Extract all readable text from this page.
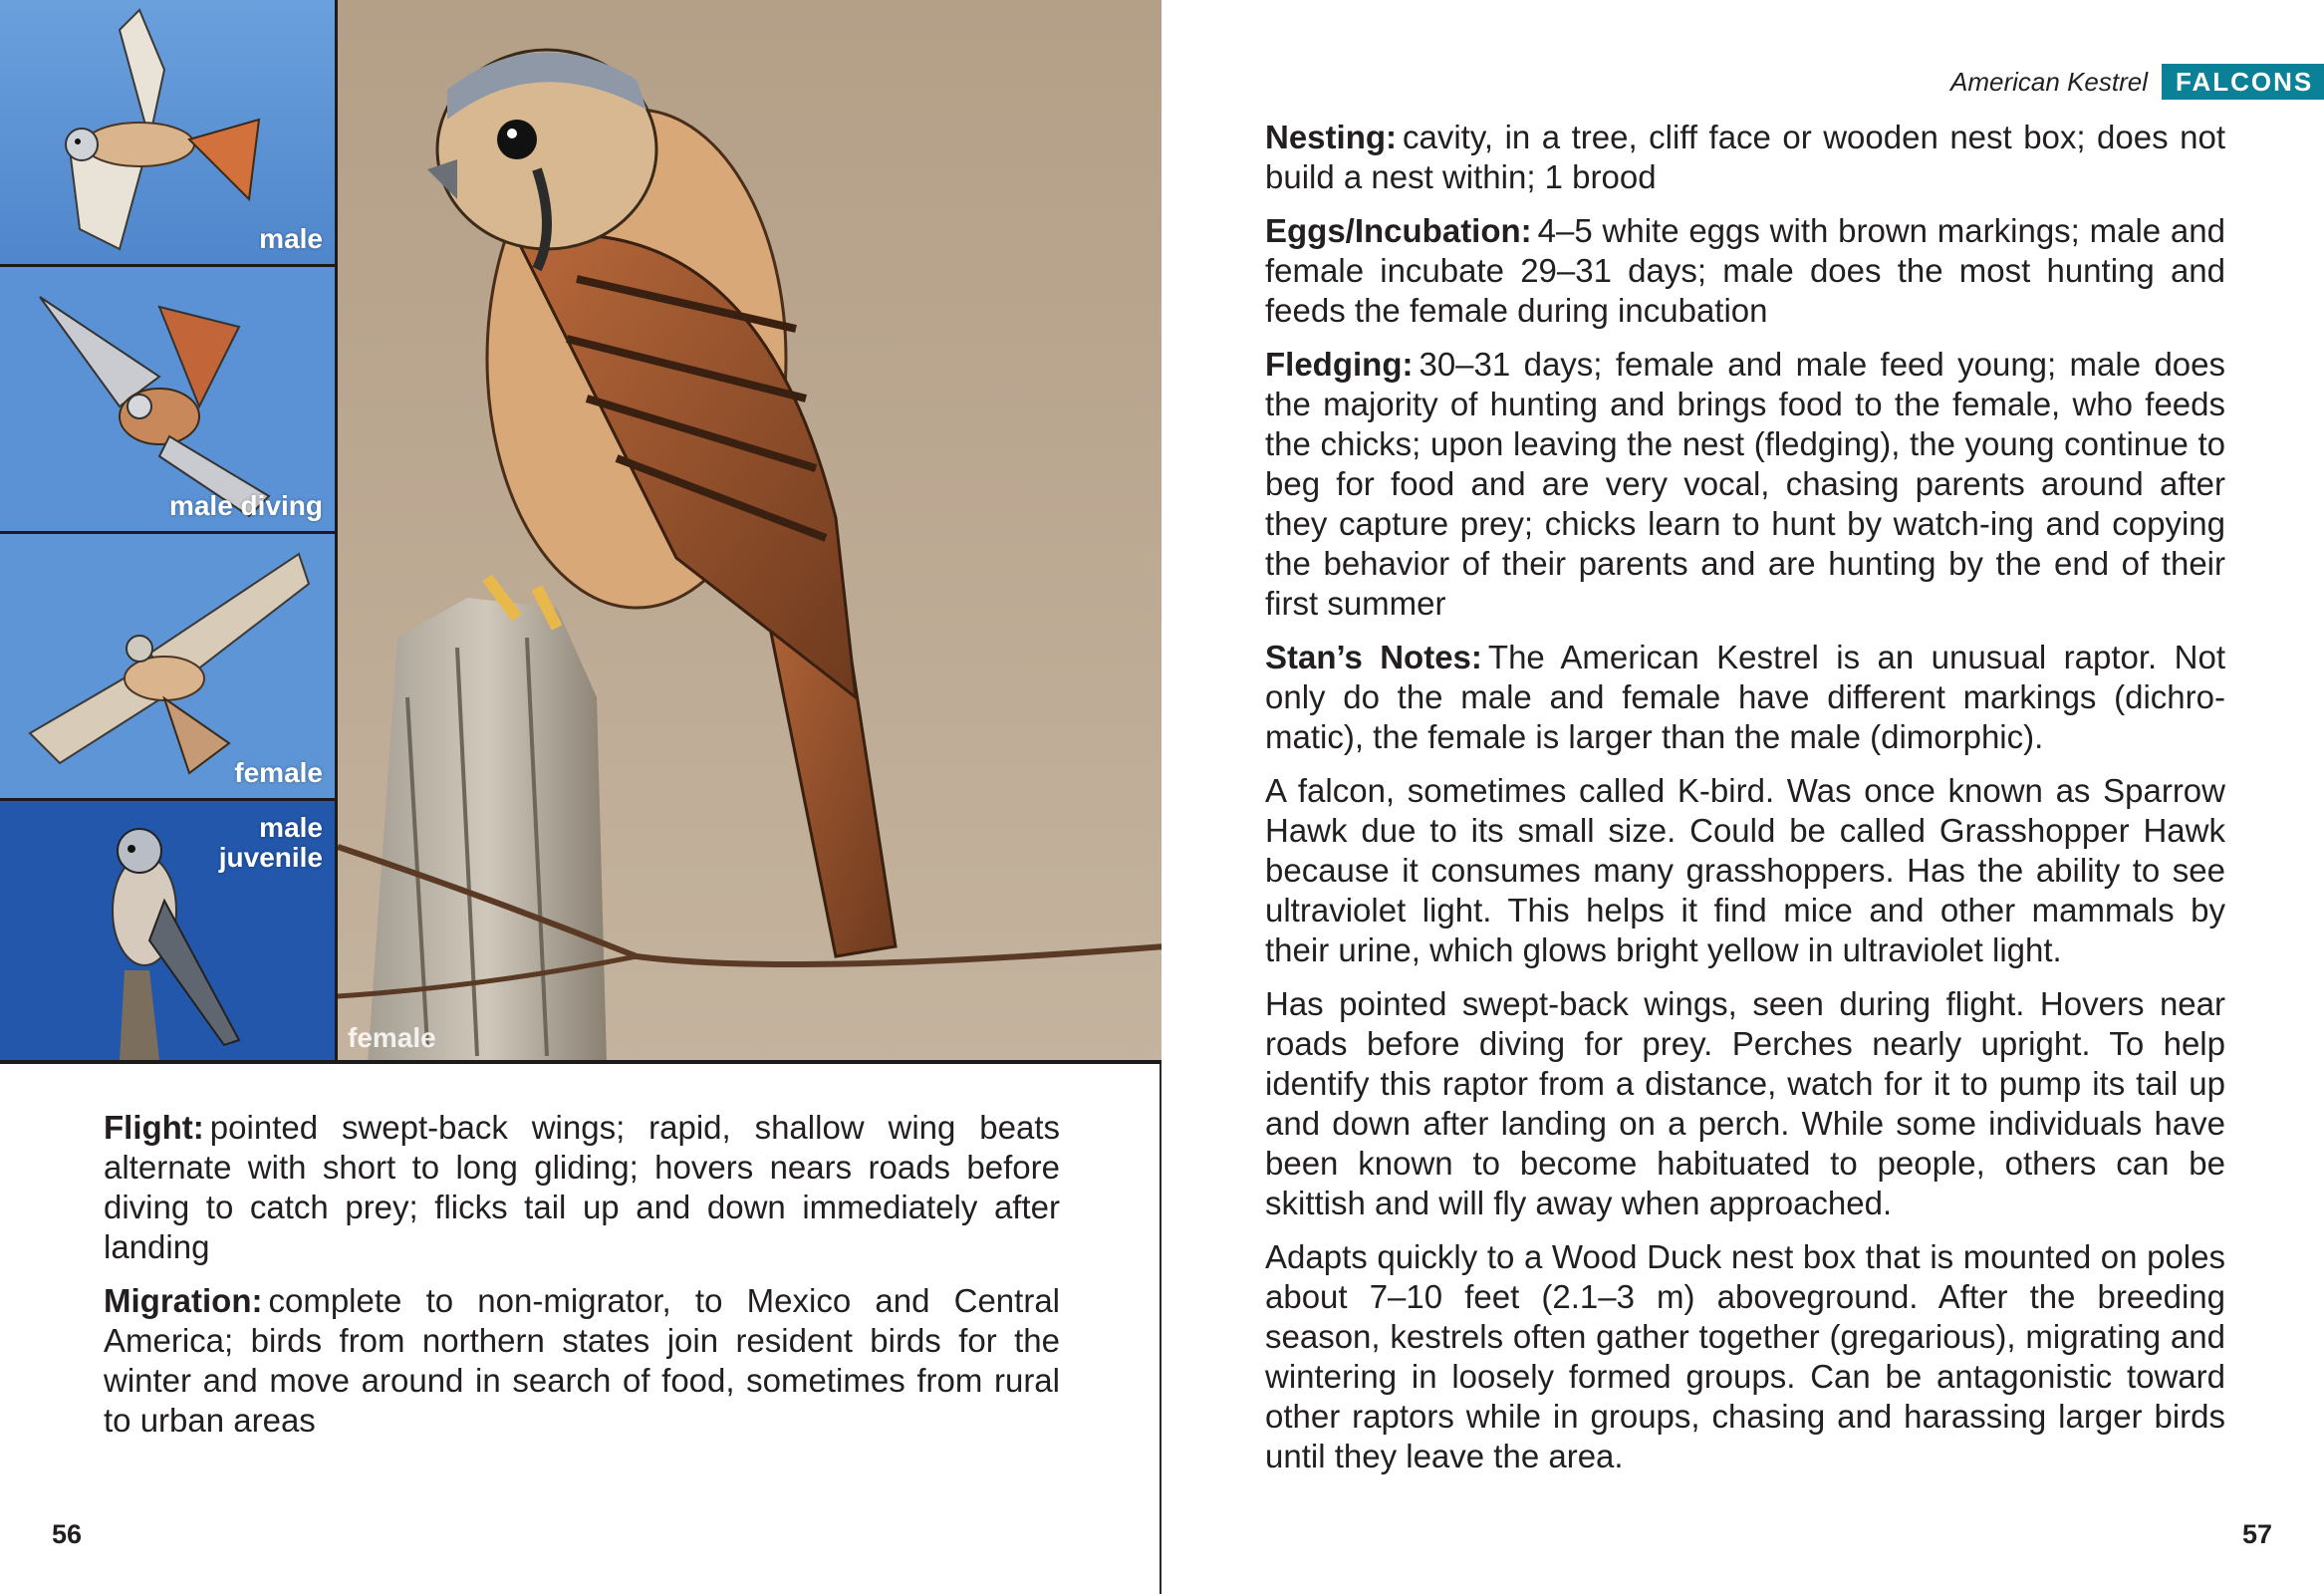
male
male diving
female
male
juvenile
female

Flight: pointed swept-back wings; rapid, shallow wing beats alternate with short to long gliding; hovers nears roads before diving to catch prey; flicks tail up and down immediately after landing

Migration: complete to non-migrator, to Mexico and Central America; birds from northern states join resident birds for the winter and move around in search of food, sometimes from rural to urban areas

56
American Kestrel	FALCONS

Nesting: cavity, in a tree, cliff face or wooden nest box; does not build a nest within; 1 brood

Eggs/Incubation: 4–5 white eggs with brown markings; male and female incubate 29–31 days; male does the most hunting and feeds the female during incubation

Fledging: 30–31 days; female and male feed young; male does the majority of hunting and brings food to the female, who feeds the chicks; upon leaving the nest (fledging), the young continue to beg for food and are very vocal, chasing parents around after they capture prey; chicks learn to hunt by watch-ing and copying the behavior of their parents and are hunting by the end of their first summer

Stan’s Notes: The American Kestrel is an unusual raptor. Not only do the male and female have different markings (dichro-matic), the female is larger than the male (dimorphic).

A falcon, sometimes called K-bird. Was once known as Sparrow Hawk due to its small size. Could be called Grasshopper Hawk because it consumes many grasshoppers. Has the ability to see ultraviolet light. This helps it find mice and other mammals by their urine, which glows bright yellow in ultraviolet light.

Has pointed swept-back wings, seen during flight. Hovers near roads before diving for prey. Perches nearly upright. To help identify this raptor from a distance, watch for it to pump its tail up and down after landing on a perch. While some individuals have been known to become habituated to people, others can be skittish and will fly away when approached.

Adapts quickly to a Wood Duck nest box that is mounted on poles about 7–10 feet (2.1–3 m) aboveground. After the breeding season, kestrels often gather together (gregarious), migrating and wintering in loosely formed groups. Can be antagonistic toward other raptors while in groups, chasing and harassing larger birds until they leave the area.

57
